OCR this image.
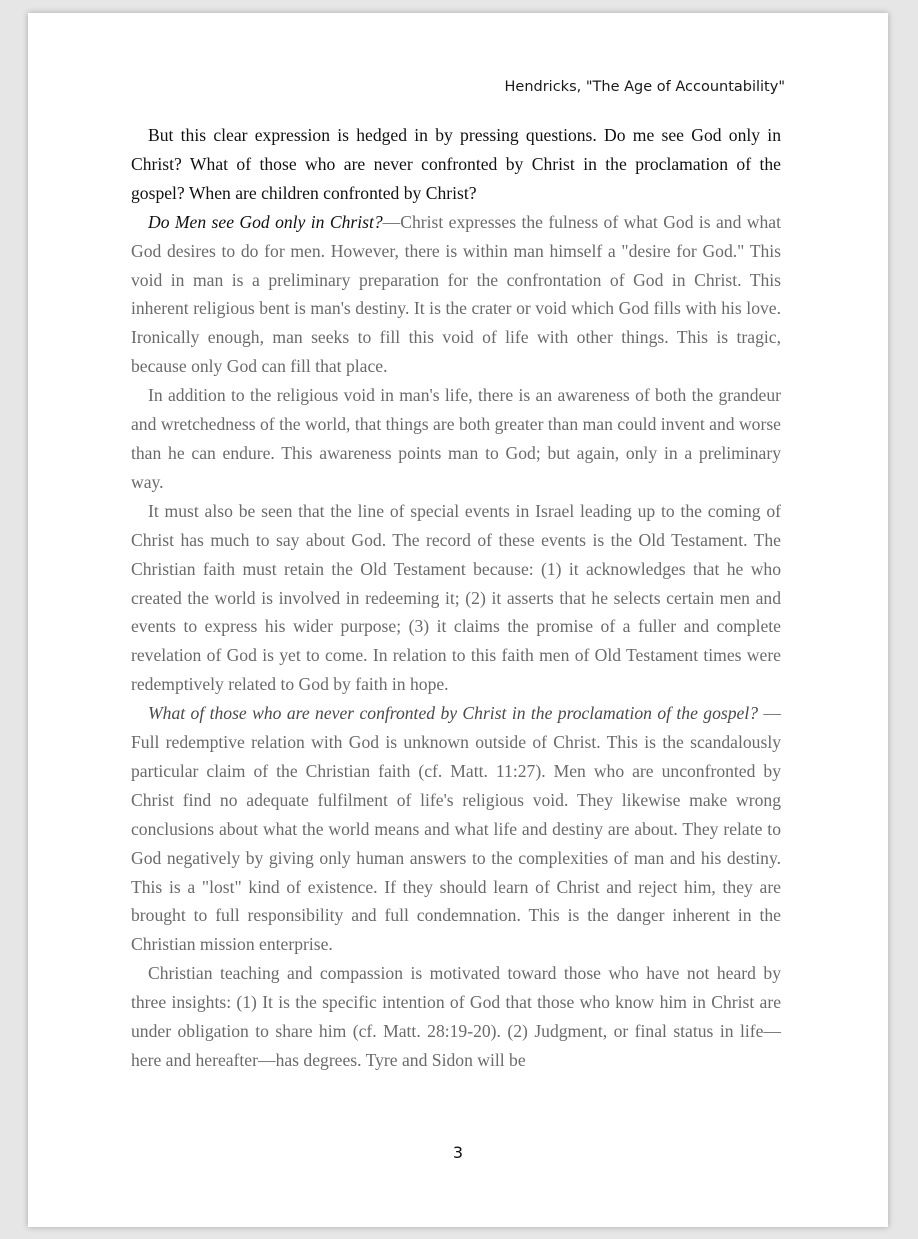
Hendricks, "The Age of Accountability"

But this clear expression is hedged in by pressing questions. Do me see God only in Christ? What of those who are never confronted by Christ in the proclamation of the gospel? When are children confronted by Christ?

Do Men see God only in Christ?—Christ expresses the fulness of what God is and what God desires to do for men. However, there is within man himself a "desire for God." This void in man is a preliminary preparation for the confrontation of God in Christ. This inherent religious bent is man's destiny. It is the crater or void which God fills with his love. Ironically enough, man seeks to fill this void of life with other things. This is tragic, because only God can fill that place.

In addition to the religious void in man's life, there is an awareness of both the grandeur and wretchedness of the world, that things are both greater than man could invent and worse than he can endure. This awareness points man to God; but again, only in a preliminary way.

It must also be seen that the line of special events in Israel leading up to the coming of Christ has much to say about God. The record of these events is the Old Testament. The Christian faith must retain the Old Testament because: (1) it acknowledges that he who created the world is involved in redeeming it; (2) it asserts that he selects certain men and events to express his wider purpose; (3) it claims the promise of a fuller and complete revelation of God is yet to come. In relation to this faith men of Old Testament times were redemptively related to God by faith in hope.

What of those who are never confronted by Christ in the proclamation of the gospel? — Full redemptive relation with God is unknown outside of Christ. This is the scandalously particular claim of the Christian faith (cf. Matt. 11:27). Men who are unconfronted by Christ find no adequate fulfilment of life's religious void. They likewise make wrong conclusions about what the world means and what life and destiny are about. They relate to God negatively by giving only human answers to the complexities of man and his destiny. This is a "lost" kind of existence. If they should learn of Christ and reject him, they are brought to full responsibility and full condemnation. This is the danger inherent in the Christian mission enterprise.

Christian teaching and compassion is motivated toward those who have not heard by three insights: (1) It is the specific intention of God that those who know him in Christ are under obligation to share him (cf. Matt. 28:19-20). (2) Judgment, or final status in life—here and hereafter—has degrees. Tyre and Sidon will be

3
